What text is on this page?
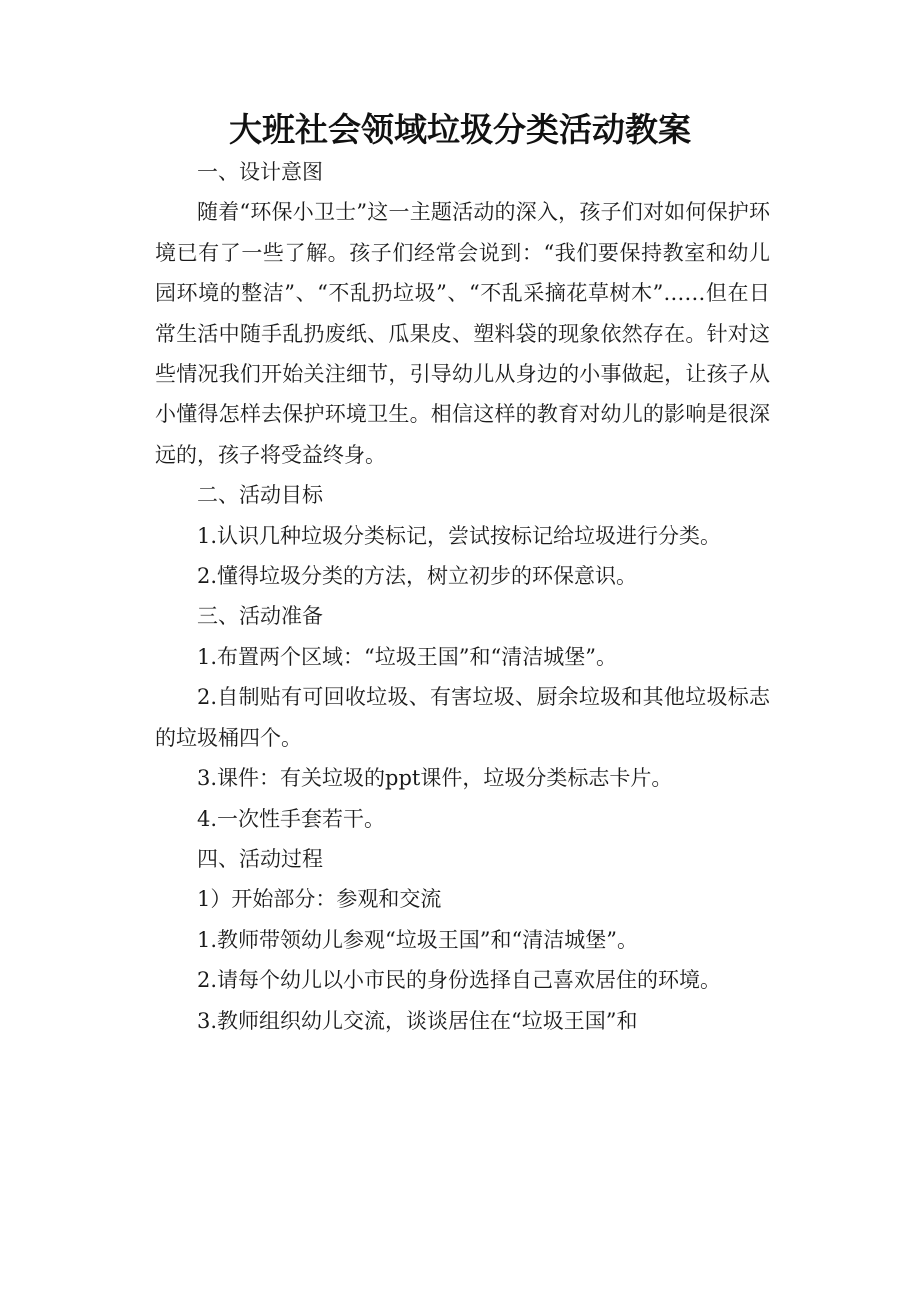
大班社会领域垃圾分类活动教案

一、设计意图

随着“环保小卫士”这一主题活动的深入，孩子们对如何保护环境已有了一些了解。孩子们经常会说到：“我们要保持教室和幼儿园环境的整洁”、“不乱扔垃圾”、“不乱采摘花草树木”……但在日常生活中随手乱扔废纸、瓜果皮、塑料袋的现象依然存在。针对这些情况我们开始关注细节，引导幼儿从身边的小事做起，让孩子从小懂得怎样去保护环境卫生。相信这样的教育对幼儿的影响是很深远的，孩子将受益终身。

二、活动目标

1.认识几种垃圾分类标记，尝试按标记给垃圾进行分类。

2.懂得垃圾分类的方法，树立初步的环保意识。

三、活动准备

1.布置两个区域：“垃圾王国”和“清洁城堡”。

2.自制贴有可回收垃圾、有害垃圾、厨余垃圾和其他垃圾标志的垃圾桶四个。

3.课件：有关垃圾的ppt课件，垃圾分类标志卡片。

4.一次性手套若干。

四、活动过程

1）开始部分：参观和交流

1.教师带领幼儿参观“垃圾王国”和“清洁城堡”。

2.请每个幼儿以小市民的身份选择自己喜欢居住的环境。

3.教师组织幼儿交流，谈谈居住在“垃圾王国”和
